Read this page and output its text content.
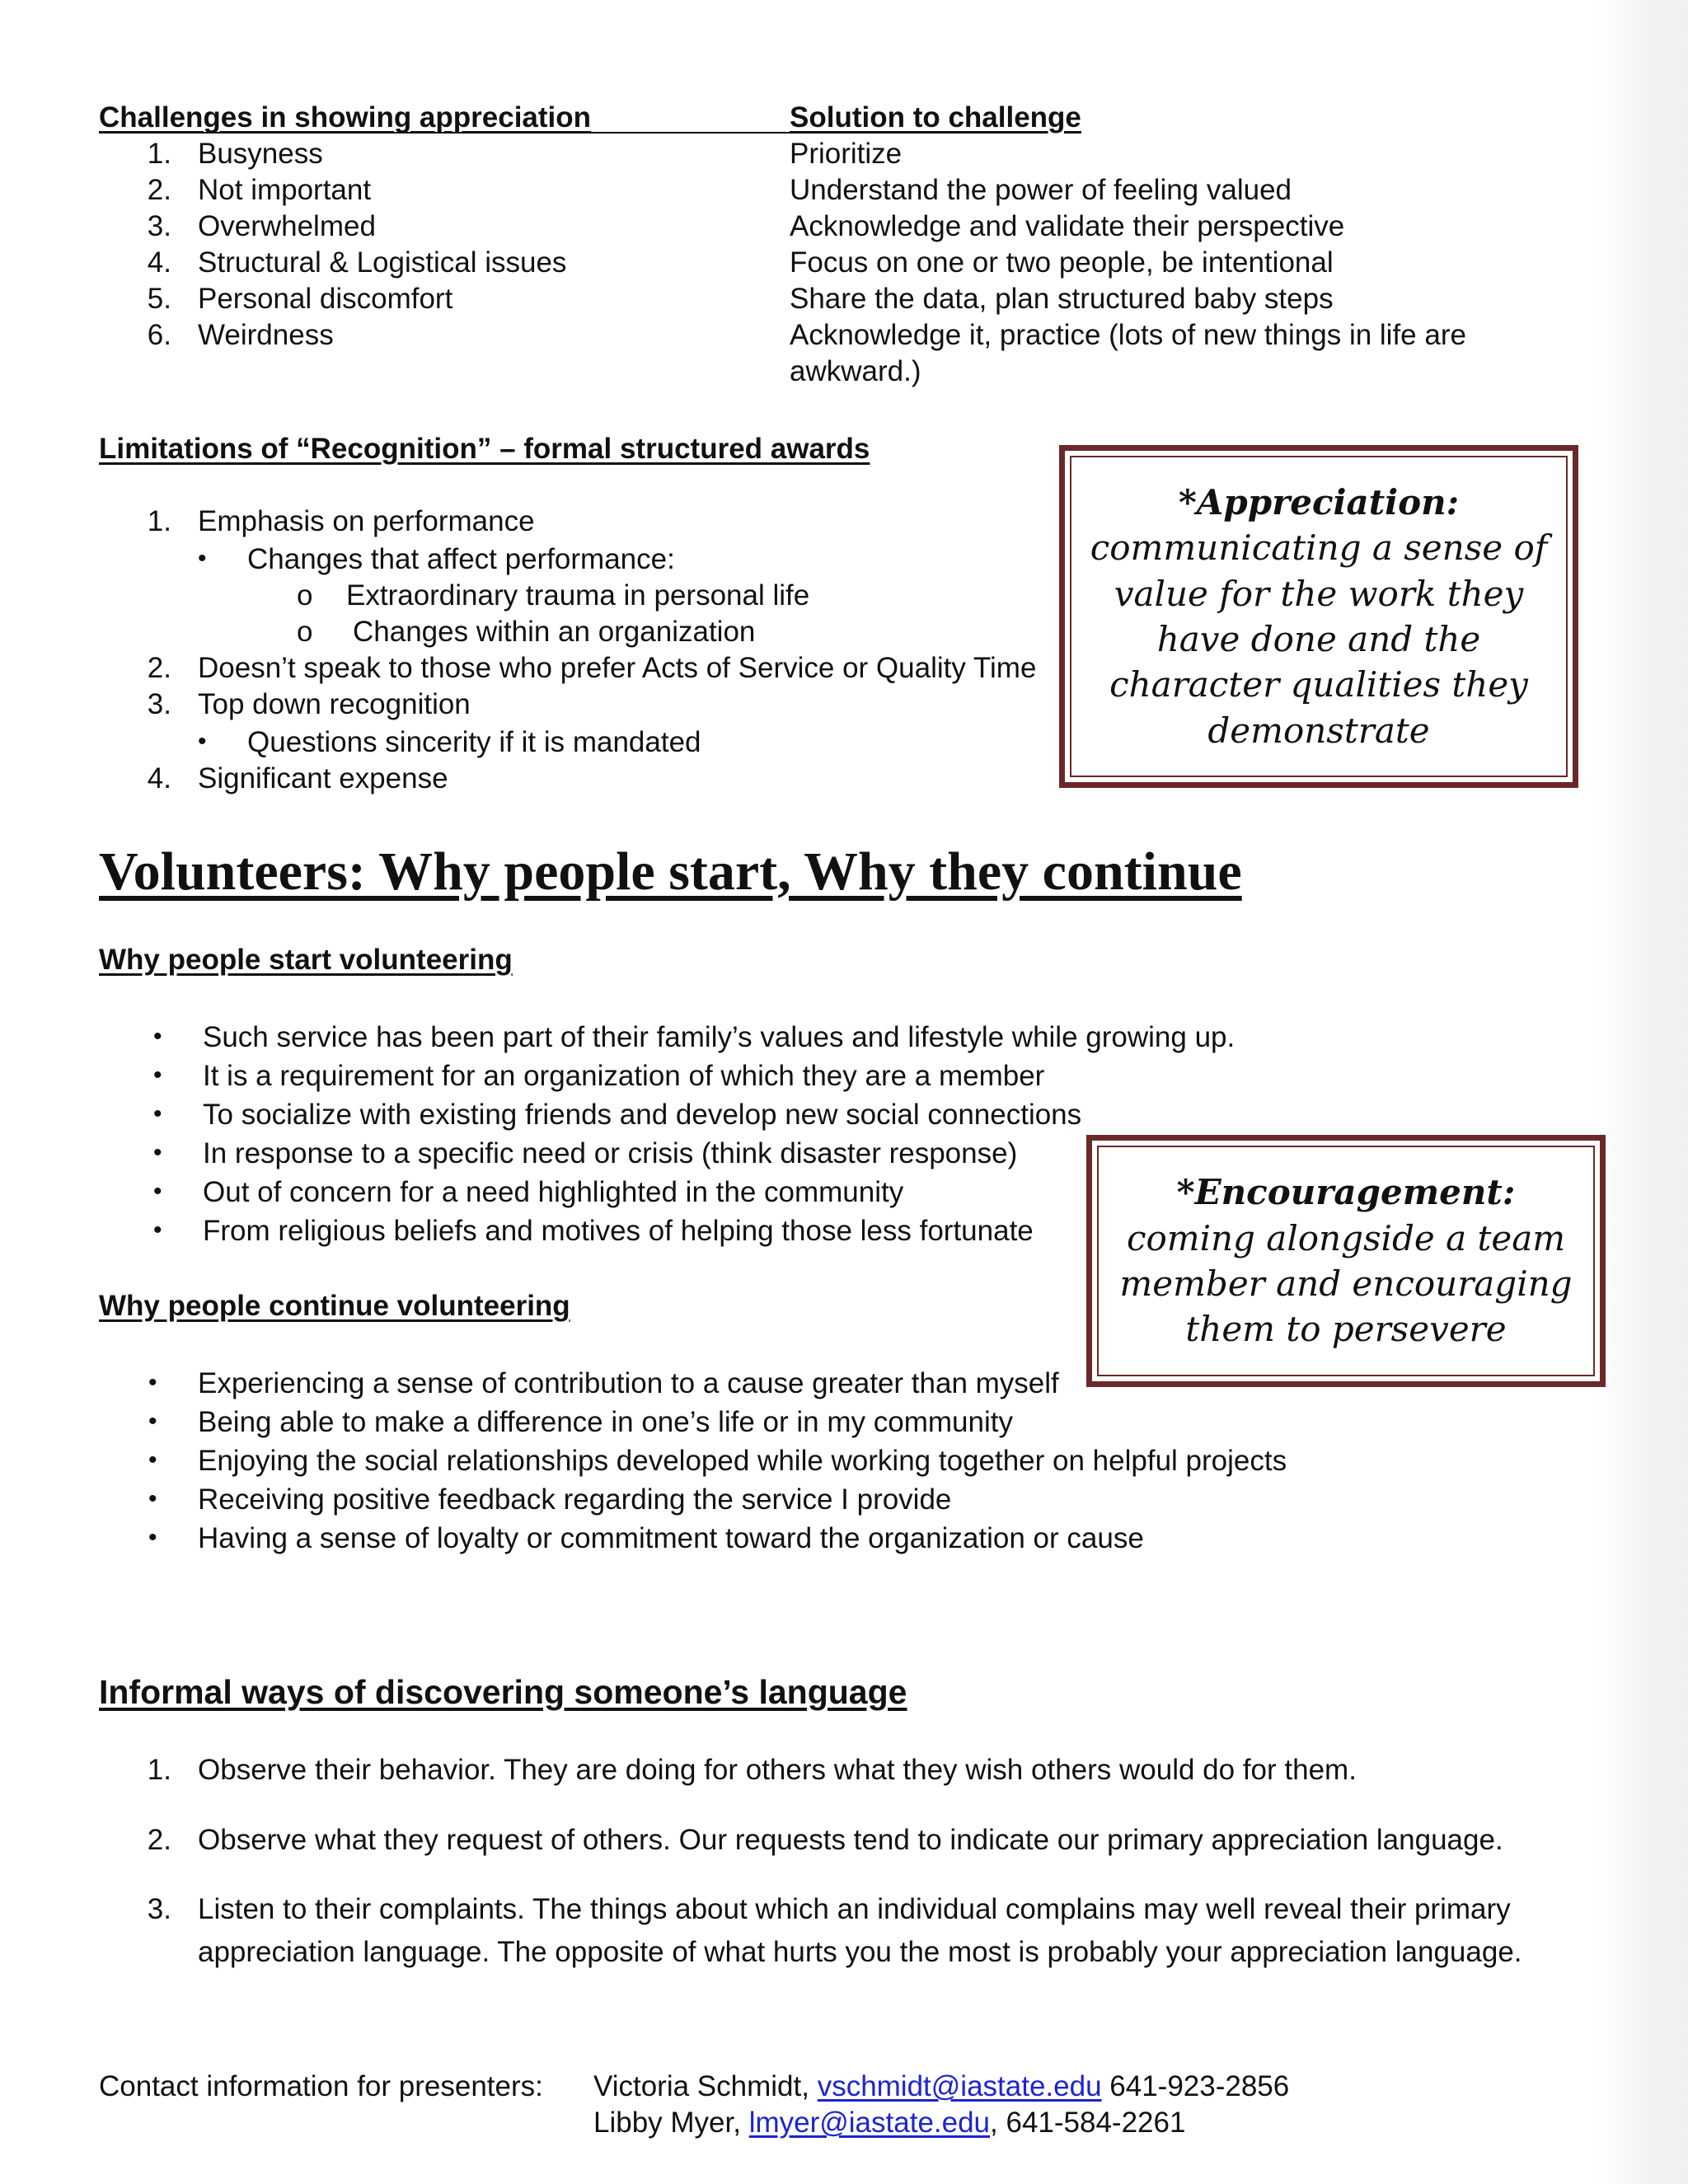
Challenges in showing appreciation	Solution to challenge
1. Busyness	Prioritize
2. Not important	Understand the power of feeling valued
3. Overwhelmed	Acknowledge and validate their perspective
4. Structural & Logistical issues	Focus on one or two people, be intentional
5. Personal discomfort	Share the data, plan structured baby steps
6. Weirdness	Acknowledge it, practice (lots of new things in life are
awkward.)
Limitations of “Recognition” – formal structured awards
1. Emphasis on performance
• Changes that affect performance:
o Extraordinary trauma in personal life
o Changes within an organization
2. Doesn’t speak to those who prefer Acts of Service or Quality Time
3. Top down recognition
• Questions sincerity if it is mandated
4. Significant expense
*Appreciation:
communicating a sense of
value for the work they
have done and the
character qualities they
demonstrate
Volunteers: Why people start, Why they continue
Why people start volunteering
• Such service has been part of their family’s values and lifestyle while growing up.
• It is a requirement for an organization of which they are a member
• To socialize with existing friends and develop new social connections
• In response to a specific need or crisis (think disaster response)
• Out of concern for a need highlighted in the community
• From religious beliefs and motives of helping those less fortunate
*Encouragement:
coming alongside a team
member and encouraging
them to persevere
Why people continue volunteering
• Experiencing a sense of contribution to a cause greater than myself
• Being able to make a difference in one’s life or in my community
• Enjoying the social relationships developed while working together on helpful projects
• Receiving positive feedback regarding the service I provide
• Having a sense of loyalty or commitment toward the organization or cause
Informal ways of discovering someone’s language
1. Observe their behavior. They are doing for others what they wish others would do for them.
2. Observe what they request of others. Our requests tend to indicate our primary appreciation language.
3. Listen to their complaints. The things about which an individual complains may well reveal their primary
appreciation language. The opposite of what hurts you the most is probably your appreciation language.
Contact information for presenters: Victoria Schmidt, vschmidt@iastate.edu 641-923-2856
Libby Myer, lmyer@iastate.edu, 641-584-2261
